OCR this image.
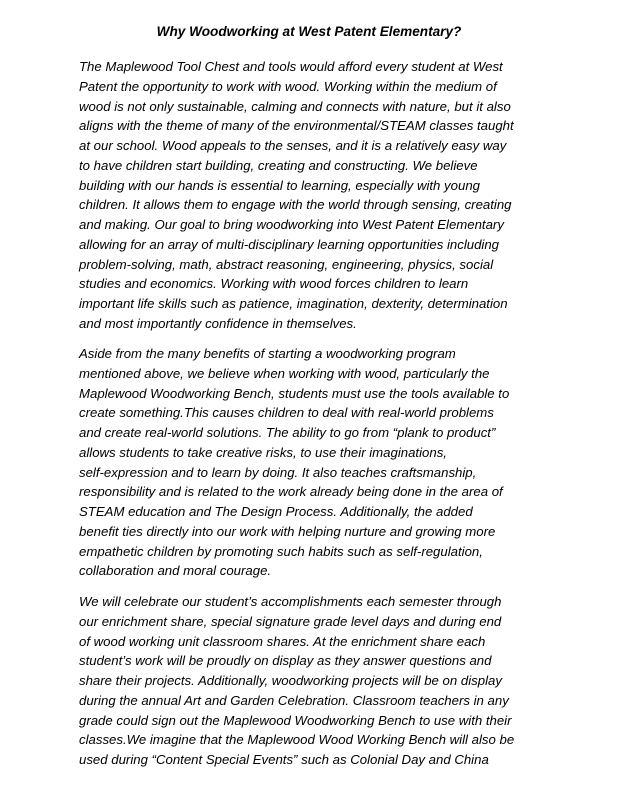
Why Woodworking at West Patent Elementary?
The Maplewood Tool Chest and tools would afford every student at West
Patent the opportunity to work with wood. Working within the medium of
wood is not only sustainable, calming and connects with nature, but it also
aligns with the theme of many of the environmental/STEAM classes taught
at our school. Wood appeals to the senses, and it is a relatively easy way
to have children start building, creating and constructing. We believe
building with our hands is essential to learning, especially with young
children. It allows them to engage with the world through sensing, creating
and making. Our goal to bring woodworking into West Patent Elementary
allowing for an array of multi-disciplinary learning opportunities including
problem-solving, math, abstract reasoning, engineering, physics, social
studies and economics. Working with wood forces children to learn
important life skills such as patience, imagination, dexterity, determination
and most importantly confidence in themselves.
Aside from the many benefits of starting a woodworking program
mentioned above, we believe when working with wood, particularly the
Maplewood Woodworking Bench, students must use the tools available to
create something.This causes children to deal with real-world problems
and create real-world solutions. The ability to go from “plank to product”
allows students to take creative risks, to use their imaginations,
self-expression and to learn by doing. It also teaches craftsmanship,
responsibility and is related to the work already being done in the area of
STEAM education and The Design Process. Additionally, the added
benefit ties directly into our work with helping nurture and growing more
empathetic children by promoting such habits such as self-regulation,
collaboration and moral courage.
We will celebrate our student’s accomplishments each semester through
our enrichment share, special signature grade level days and during end
of wood working unit classroom shares. At the enrichment share each
student’s work will be proudly on display as they answer questions and
share their projects. Additionally, woodworking projects will be on display
during the annual Art and Garden Celebration. Classroom teachers in any
grade could sign out the Maplewood Woodworking Bench to use with their
classes.We imagine that the Maplewood Wood Working Bench will also be
used during “Content Special Events” such as Colonial Day and China
